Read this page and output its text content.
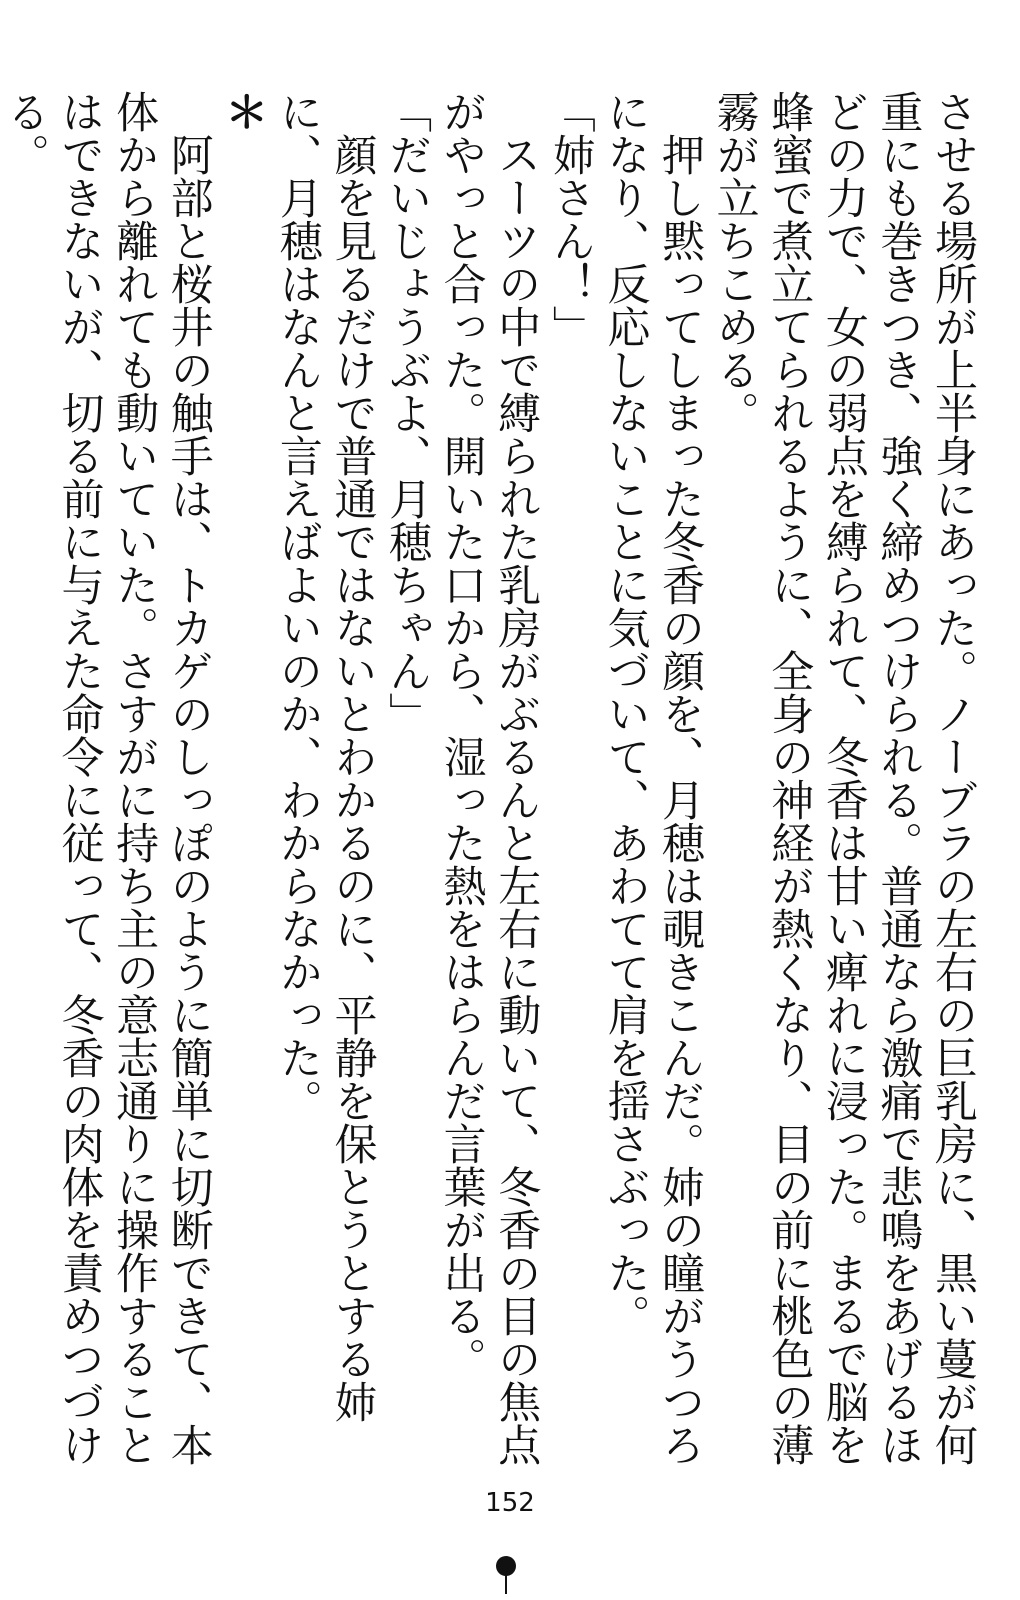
させる場所が上半身にあった。ノーブラの左右の巨乳房に、黒い蔓が何重にも巻きつき、強く締めつけられる。普通なら激痛で悲鳴をあげるほどの力で、女の弱点を縛られて、冬香は甘い痺れに浸った。まるで脳を蜂蜜で煮立てられるように、全身の神経が熱くなり、目の前に桃色の薄霧が立ちこめる。

　押し黙ってしまった冬香の顔を、月穂は覗きこんだ。姉の瞳がうつろになり、反応しないことに気づいて、あわてて肩を揺さぶった。

「姉さん！」

　スーツの中で縛られた乳房がぶるんと左右に動いて、冬香の目の焦点がやっと合った。開いた口から、湿った熱をはらんだ言葉が出る。

「だいじょうぶよ、月穂ちゃん」

　顔を見るだけで普通ではないとわかるのに、平静を保とうとする姉に、月穂はなんと言えばよいのか、わからなかった。

＊

　阿部と桜井の触手は、トカゲのしっぽのように簡単に切断できて、本体から離れても動いていた。さすがに持ち主の意志通りに操作することはできないが、切る前に与えた命令に従って、冬香の肉体を責めつづける。

152
